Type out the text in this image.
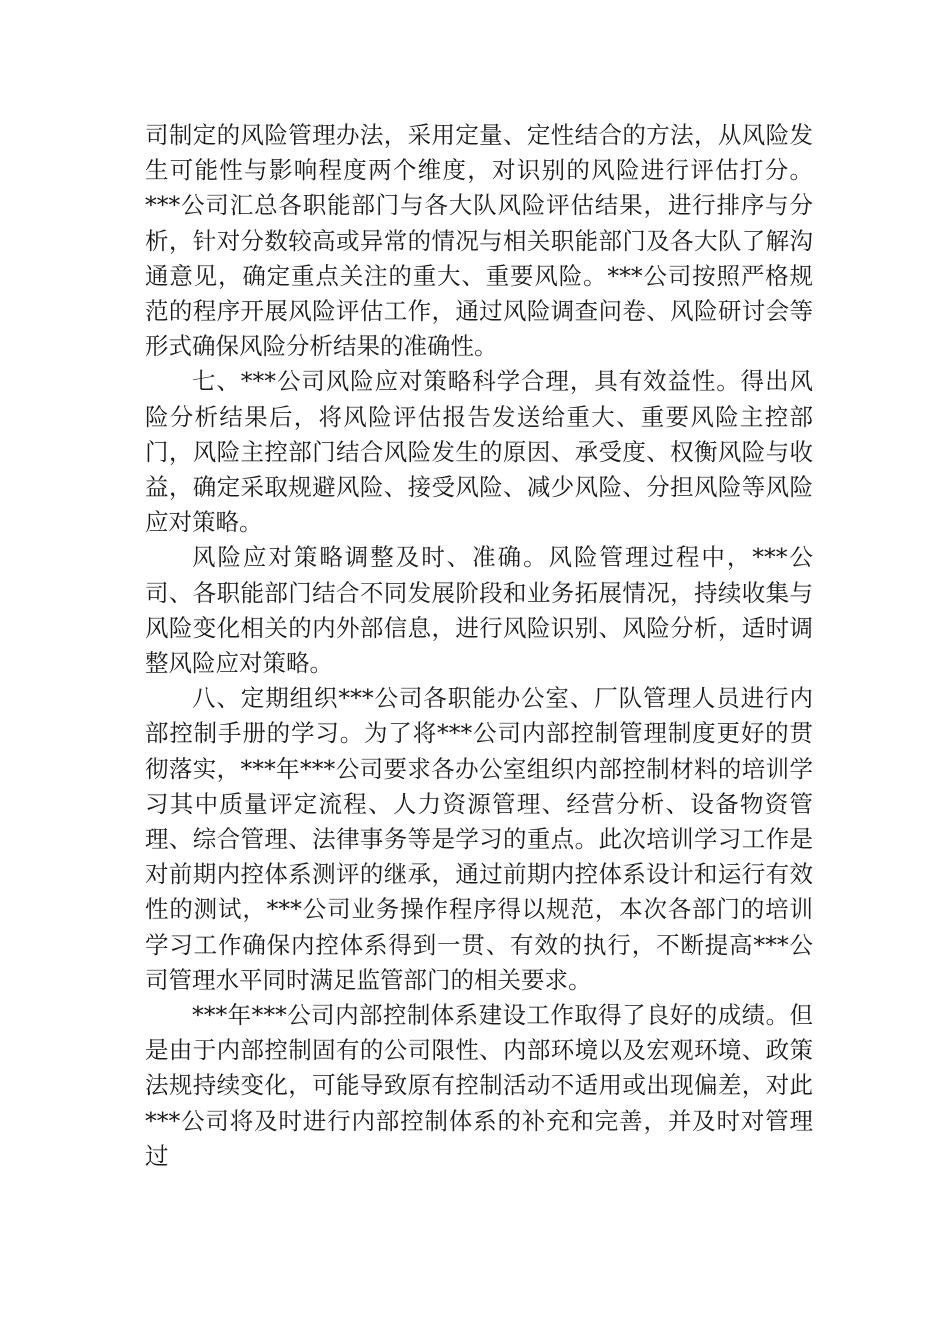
司制定的风险管理办法，采用定量、定性结合的方法，从风险发生可能性与影响程度两个维度，对识别的风险进行评估打分。***公司汇总各职能部门与各大队风险评估结果，进行排序与分析，针对分数较高或异常的情况与相关职能部门及各大队了解沟通意见，确定重点关注的重大、重要风险。***公司按照严格规范的程序开展风险评估工作，通过风险调查问卷、风险研讨会等形式确保风险分析结果的准确性。

七、***公司风险应对策略科学合理，具有效益性。得出风险分析结果后，将风险评估报告发送给重大、重要风险主控部门，风险主控部门结合风险发生的原因、承受度、权衡风险与收益，确定采取规避风险、接受风险、减少风险、分担风险等风险应对策略。

风险应对策略调整及时、准确。风险管理过程中，***公司、各职能部门结合不同发展阶段和业务拓展情况，持续收集与风险变化相关的内外部信息，进行风险识别、风险分析，适时调整风险应对策略。

八、定期组织***公司各职能办公室、厂队管理人员进行内部控制手册的学习。为了将***公司内部控制管理制度更好的贯彻落实，***年***公司要求各办公室组织内部控制材料的培训学习其中质量评定流程、人力资源管理、经营分析、设备物资管理、综合管理、法律事务等是学习的重点。此次培训学习工作是对前期内控体系测评的继承，通过前期内控体系设计和运行有效性的测试，***公司业务操作程序得以规范，本次各部门的培训学习工作确保内控体系得到一贯、有效的执行，不断提高***公司管理水平同时满足监管部门的相关要求。

***年***公司内部控制体系建设工作取得了良好的成绩。但是由于内部控制固有的公司限性、内部环境以及宏观环境、政策法规持续变化，可能导致原有控制活动不适用或出现偏差，对此***公司将及时进行内部控制体系的补充和完善，并及时对管理过
